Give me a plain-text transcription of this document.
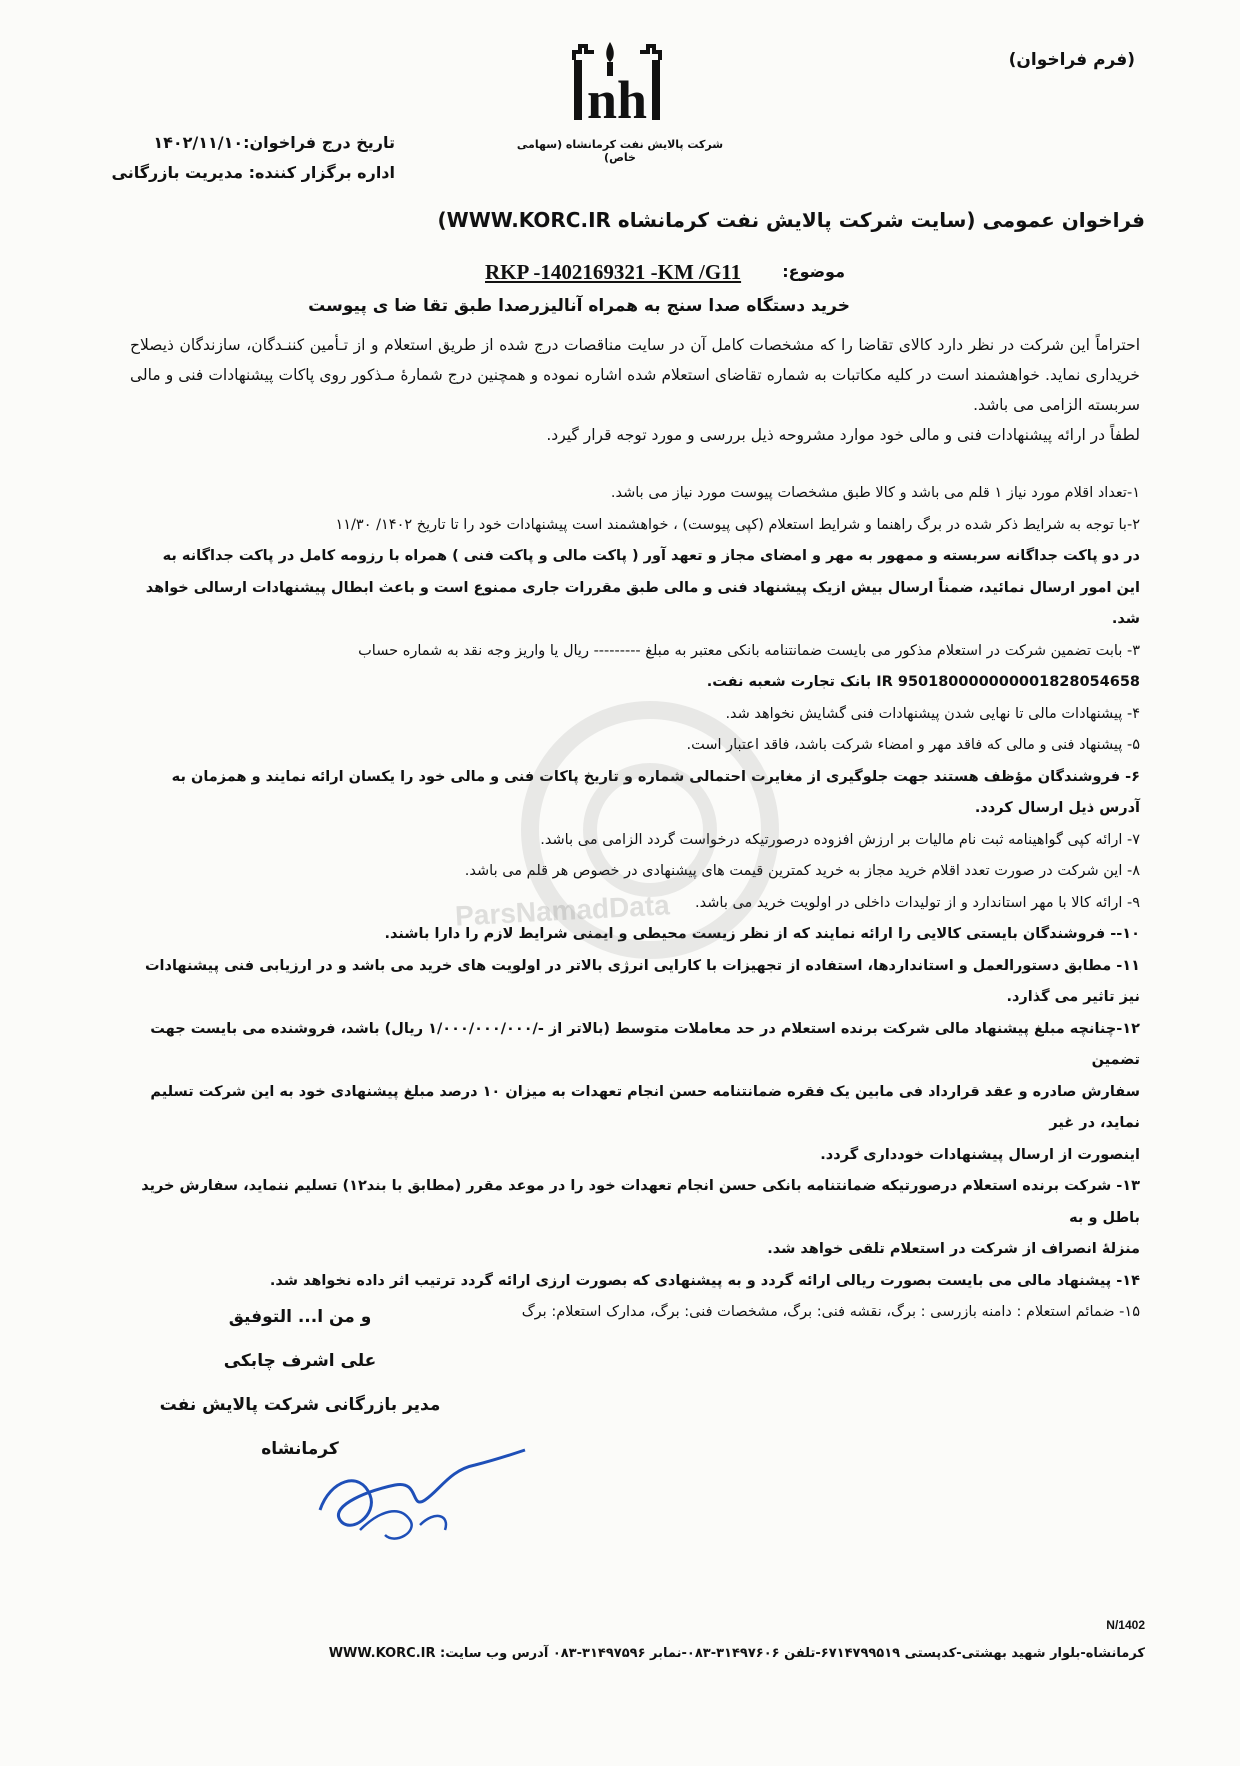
(فرم فراخوان)
nh
شرکت پالایش نفت کرمانشاه (سهامی خاص)
تاریخ درج فراخوان:۱۴۰۲/۱۱/۱۰
اداره برگزار کننده: مدیریت بازرگانی
فراخوان عمومی (سایت شرکت پالایش نفت کرمانشاه WWW.KORC.IR)
موضوع:
RKP -1402169321 -KM /G11
خرید دستگاه صدا سنج به همراه آنالیزرصدا طبق تقا ضا ی پیوست

احتراماً این شرکت در نظر دارد کالای تقاضا را که مشخصات کامل آن در سایت مناقصات درج شده از طریق استعلام و از تـأمین کننـدگان، سازندگان ذیصلاح خریداری نماید. خواهشمند است در کلیه مکاتبات به شماره تقاضای استعلام شده اشاره نموده و همچنین درج شمارهٔ مـذکور روی پاکات پیشنهادات فنی و مالی سربسته الزامی می باشد.

لطفاً در ارائه پیشنهادات فنی و مالی خود موارد مشروحه ذیل بررسی و مورد توجه قرار گیرد.

۱-تعداد اقلام مورد نیاز ۱ قلم می باشد و کالا طبق مشخصات پیوست مورد نیاز می باشد.

۲-با توجه به شرایط ذکر شده در برگ راهنما و شرایط استعلام (کپی پیوست) ، خواهشمند است پیشنهادات خود را تا تاریخ ۱۴۰۲/ ۱۱/۳۰

در دو پاکت جداگانه سربسته و ممهور به مهر و امضای مجاز و تعهد آور ( پاکت مالی و پاکت فنی ) همراه با رزومه کامل در پاکت جداگانه به

این امور ارسال نمائید، ضمناً ارسال بیش ازیک پیشنهاد فنی و مالی طبق مقررات جاری ممنوع است و باعث ابطال پیشنهادات ارسالی خواهد شد.

۳- بابت تضمین شرکت در استعلام مذکور می بایست ضمانتنامه بانکی معتبر به مبلغ --------- ریال یا واریز وجه نقد به شماره حساب

IR 950180000000001828054658 بانک تجارت شعبه نفت.

۴- پیشنهادات مالی تا نهایی شدن پیشنهادات فنی گشایش نخواهد شد.

۵- پیشنهاد فنی و مالی که فاقد مهر و امضاء شرکت باشد، فاقد اعتبار است.

۶- فروشندگان مؤظف هستند جهت جلوگیری از مغایرت احتمالی شماره و تاریخ پاکات فنی و مالی خود را یکسان ارائه نمایند و همزمان به آدرس ذیل ارسال کردد.

۷- ارائه کپی گواهینامه ثبت نام مالیات بر ارزش افزوده درصورتیکه درخواست گردد الزامی می باشد.

۸- این شرکت در صورت تعدد اقلام خرید مجاز به خرید کمترین قیمت های پیشنهادی در خصوص هر قلم می باشد.

۹- ارائه کالا با مهر استاندارد و از تولیدات داخلی در اولویت خرید می باشد.

۱۰-- فروشندگان بایستی کالایی را ارائه نمایند که از نظر زیست محیطی و ایمنی شرایط لازم را دارا باشند.

۱۱- مطابق دستورالعمل و استانداردها، استفاده از تجهیزات با کارایی انرژی بالاتر در اولویت های خرید می باشد و در ارزیابی فنی پیشنهادات نیز تاثیر می گذارد.

۱۲-چنانچه مبلغ پیشنهاد مالی شرکت برنده استعلام در حد معاملات متوسط (بالاتر از -/۱/۰۰۰/۰۰۰/۰۰۰ ریال) باشد، فروشنده می بایست جهت تضمین

سفارش صادره و عقد قرارداد فی مابین یک فقره ضمانتنامه حسن انجام تعهدات به میزان ۱۰ درصد مبلغ پیشنهادی خود به این شرکت تسلیم نماید، در غیر

اینصورت از ارسال پیشنهادات خودداری گردد.

۱۳- شرکت برنده استعلام درصورتیکه ضمانتنامه بانکی حسن انجام تعهدات خود را در موعد مقرر (مطابق با بند۱۲) تسلیم ننماید، سفارش خرید باطل و به

منزلهٔ انصراف از شرکت در استعلام تلقی خواهد شد.

۱۴- پیشنهاد مالی می بایست بصورت ریالی ارائه گردد و به پیشنهادی که بصورت ارزی ارائه گردد ترتیب اثر داده نخواهد شد.

۱۵- ضمائم استعلام : دامنه بازرسی : برگ، نقشه فنی: برگ، مشخصات فنی: برگ، مدارک استعلام: برگ

و من ا... التوفیق
علی اشرف چابکی
مدیر بازرگانی شرکت پالایش نفت کرمانشاه
N/1402
کرمانشاه-بلوار شهید بهشتی-کدپستی ۶۷۱۴۷۹۹۵۱۹-تلفن ۳۱۴۹۷۶۰۶-۰۸۳-نمابر ۳۱۴۹۷۵۹۶-۰۸۳ آدرس وب سایت: WWW.KORC.IR
ParsNamadData
